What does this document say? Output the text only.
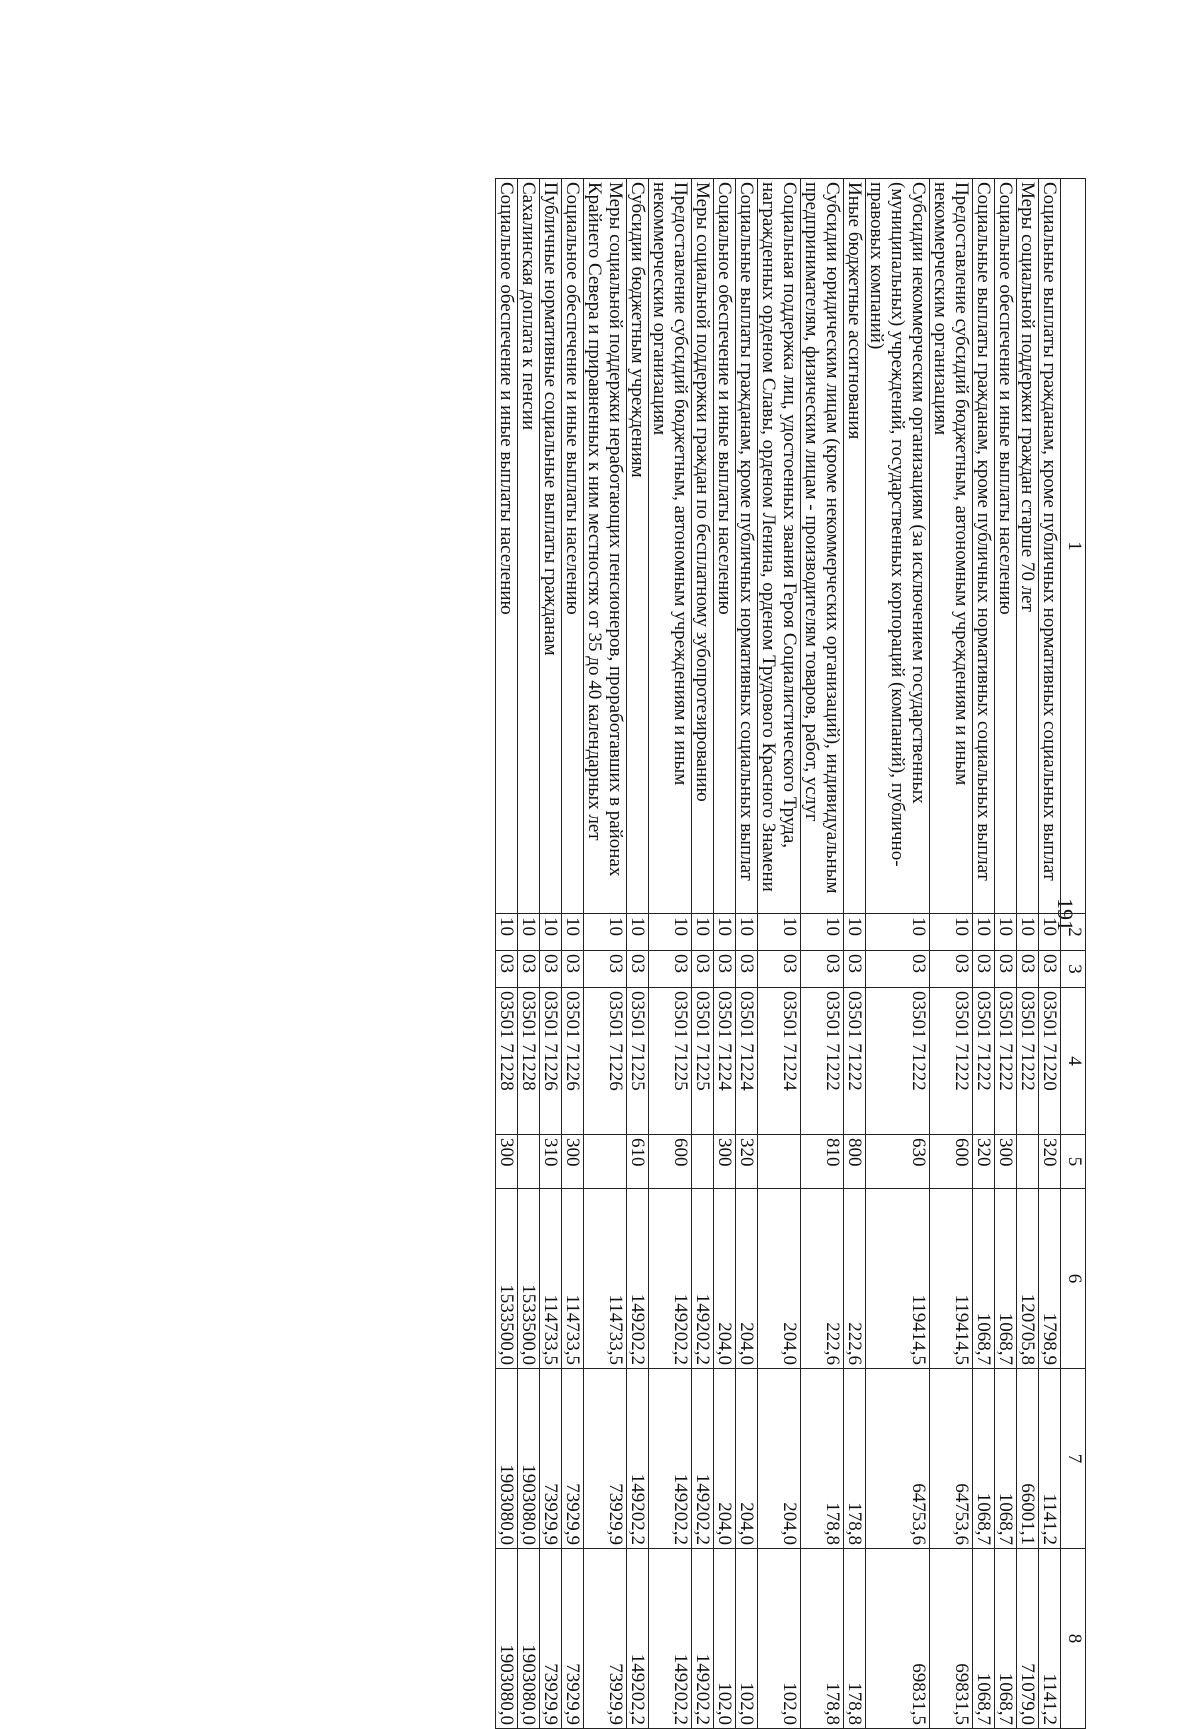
191
1	2	3	4	5	6	7	8
Социальные выплаты гражданам, кроме публичных нормативных социальных выплат	10	03	03501 71220	320	1798,9	1141,2	1141,2
Меры социальной поддержки граждан старше 70 лет	10	03	03501 71222		120705,8	66001,1	71079,0
Социальное обеспечение и иные выплаты населению	10	03	03501 71222	300	1068,7	1068,7	1068,7
Социальные выплаты гражданам, кроме публичных нормативных социальных выплат	10	03	03501 71222	320	1068,7	1068,7	1068,7
Предоставление субсидий бюджетным, автономным учреждениям и иным некоммерческим организациям	10	03	03501 71222	600	119414,5	64753,6	69831,5
Субсидии некоммерческим организациям (за исключением государственных (муниципальных) учреждений, государственных корпораций (компаний), публично-правовых компаний)	10	03	03501 71222	630	119414,5	64753,6	69831,5
Иные бюджетные ассигнования	10	03	03501 71222	800	222,6	178,8	178,8
Субсидии юридическим лицам (кроме некоммерческих организаций), индивидуальным предпринимателям, физическим лицам - производителям товаров, работ, услуг	10	03	03501 71222	810	222,6	178,8	178,8
Социальная поддержка лиц, удостоенных звания Героя Социалистического Труда, награжденных орденом Славы, орденом Ленина, орденом Трудового Красного Знамени	10	03	03501 71224		204,0	204,0	102,0
Социальные выплаты гражданам, кроме публичных нормативных социальных выплат	10	03	03501 71224	320	204,0	204,0	102,0
Социальное обеспечение и иные выплаты населению	10	03	03501 71224	300	204,0	204,0	102,0
Меры социальной поддержки граждан по бесплатному зубопротезированию	10	03	03501 71225		149202,2	149202,2	149202,2
Предоставление субсидий бюджетным, автономным учреждениям и иным некоммерческим организациям	10	03	03501 71225	600	149202,2	149202,2	149202,2
Субсидии бюджетным учреждениям	10	03	03501 71225	610	149202,2	149202,2	149202,2
Меры социальной поддержки неработающих пенсионеров, проработавших в районах Крайнего Севера и приравненных к ним местностях от 35 до 40 календарных лет	10	03	03501 71226		114733,5	73929,9	73929,9
Социальное обеспечение и иные выплаты населению	10	03	03501 71226	300	114733,5	73929,9	73929,9
Публичные нормативные социальные выплаты гражданам	10	03	03501 71226	310	114733,5	73929,9	73929,9
Сахалинская доплата к пенсии	10	03	03501 71228		1533500,0	1903080,0	1903080,0
Социальное обеспечение и иные выплаты населению	10	03	03501 71228	300	1533500,0	1903080,0	1903080,0
